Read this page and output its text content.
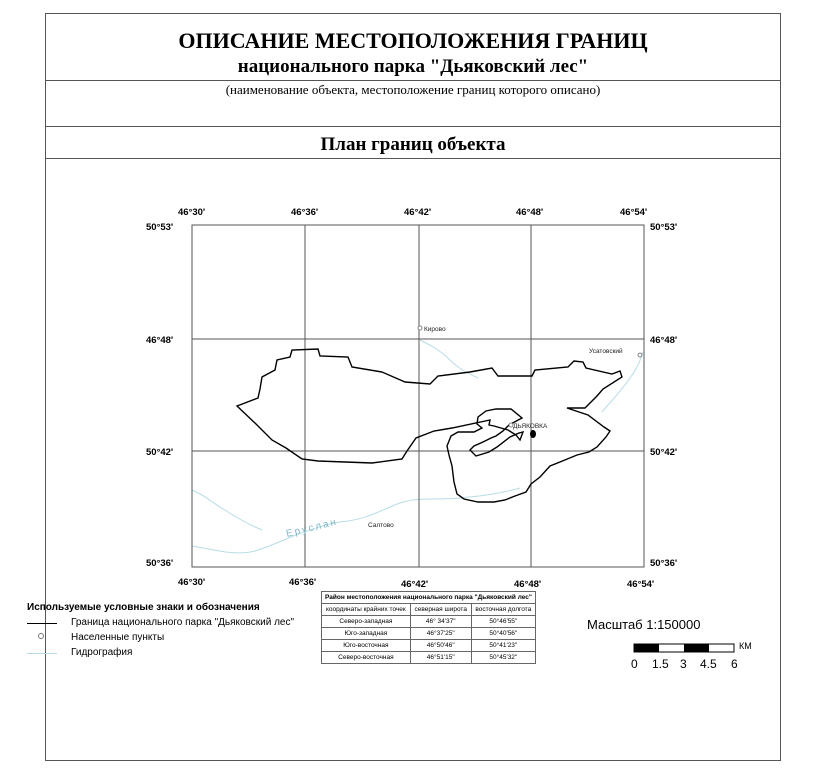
ОПИСАНИЕ МЕСТОПОЛОЖЕНИЯ ГРАНИЦ
национального парка "Дьяковский лес"
(наименование объекта, местоположение границ которого описано)
План границ объекта
46°30'	46°36'	46°42'	46°48'	46°54'
46°30'	46°36'	46°42'	46°48'	46°54'
50°53'
46°48'
50°42'
50°36'
50°53'
46°48'
50°42'
50°36'
Кирово
Усатовский
ДЬЯКОВКА
Салтово
Еруслан
Используемые условные знаки и обозначения
Граница национального парка "Дьяковский лес"
Населенные пункты
Гидрография
Район местоположения национального парка "Дьяковский лес"		
координаты крайних точек	северная широта	восточная долгота
Северо-западная	46° 34'37"	50°46'55"
Юго-западная	46°37'25"	50°40'56"
Юго-восточная	46°50'46"	50°41'23"
Северо-восточная	46°51'15"	50°45'32"
Масштаб 1:150000
КМ
0 1.5 3 4.5 6
